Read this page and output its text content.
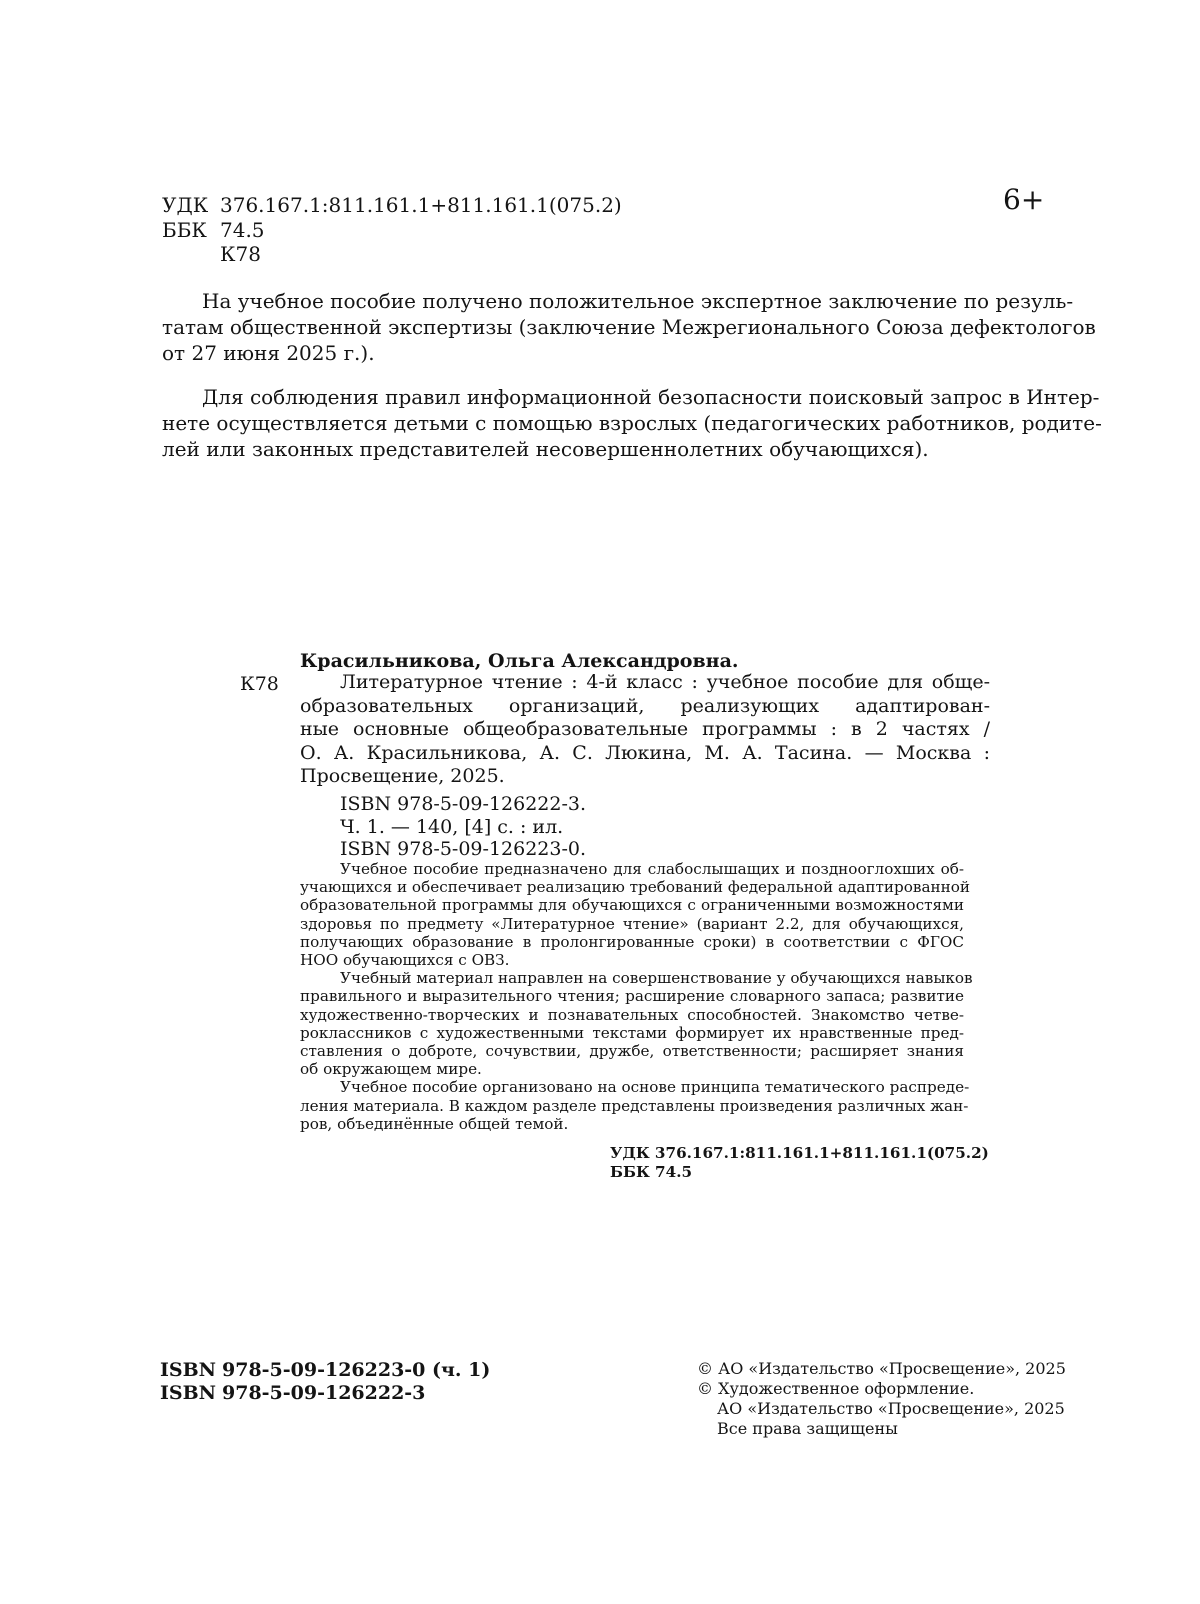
УДК 376.167.1:811.161.1+811.161.1(075.2)
ББК 74.5
К78
6+
На учебное пособие получено положительное экспертное заключение по резуль-
татам общественной экспертизы (заключение Межрегионального Союза дефектологов
от 27 июня 2025 г.).
Для соблюдения правил информационной безопасности поисковый запрос в Интер-
нете осуществляется детьми с помощью взрослых (педагогических работников, родите-
лей или законных представителей несовершеннолетних обучающихся).
Красильникова, Ольга Александровна.
К78	Литературное чтение : 4-й класс : учебное пособие для обще-
образовательных организаций, реализующих адаптирован-
ные основные общеобразовательные программы : в 2 частях /
О. А. Красильникова, А. С. Люкина, М. А. Тасина. — Москва :
Просвещение, 2025.
ISBN 978-5-09-126222-3.
Ч. 1. — 140, [4] с. : ил.
ISBN 978-5-09-126223-0.
Учебное пособие предназначено для слабослышащих и позднооглохших об-
учающихся и обеспечивает реализацию требований федеральной адаптированной
образовательной программы для обучающихся с ограниченными возможностями
здоровья по предмету «Литературное чтение» (вариант 2.2, для обучающихся,
получающих образование в пролонгированные сроки) в соответствии с ФГОС
НОО обучающихся с ОВЗ.
Учебный материал направлен на совершенствование у обучающихся навыков
правильного и выразительного чтения; расширение словарного запаса; развитие
художественно-творческих и познавательных способностей. Знакомство четве-
роклассников с художественными текстами формирует их нравственные пред-
ставления о доброте, сочувствии, дружбе, ответственности; расширяет знания
об окружающем мире.
Учебное пособие организовано на основе принципа тематического распреде-
ления материала. В каждом разделе представлены произведения различных жан-
ров, объединённые общей темой.
УДК 376.167.1:811.161.1+811.161.1(075.2)
ББК 74.5
ISBN 978-5-09-126223-0 (ч. 1)
ISBN 978-5-09-126222-3
© АО «Издательство «Просвещение», 2025
© Художественное оформление.
АО «Издательство «Просвещение», 2025
Все права защищены
